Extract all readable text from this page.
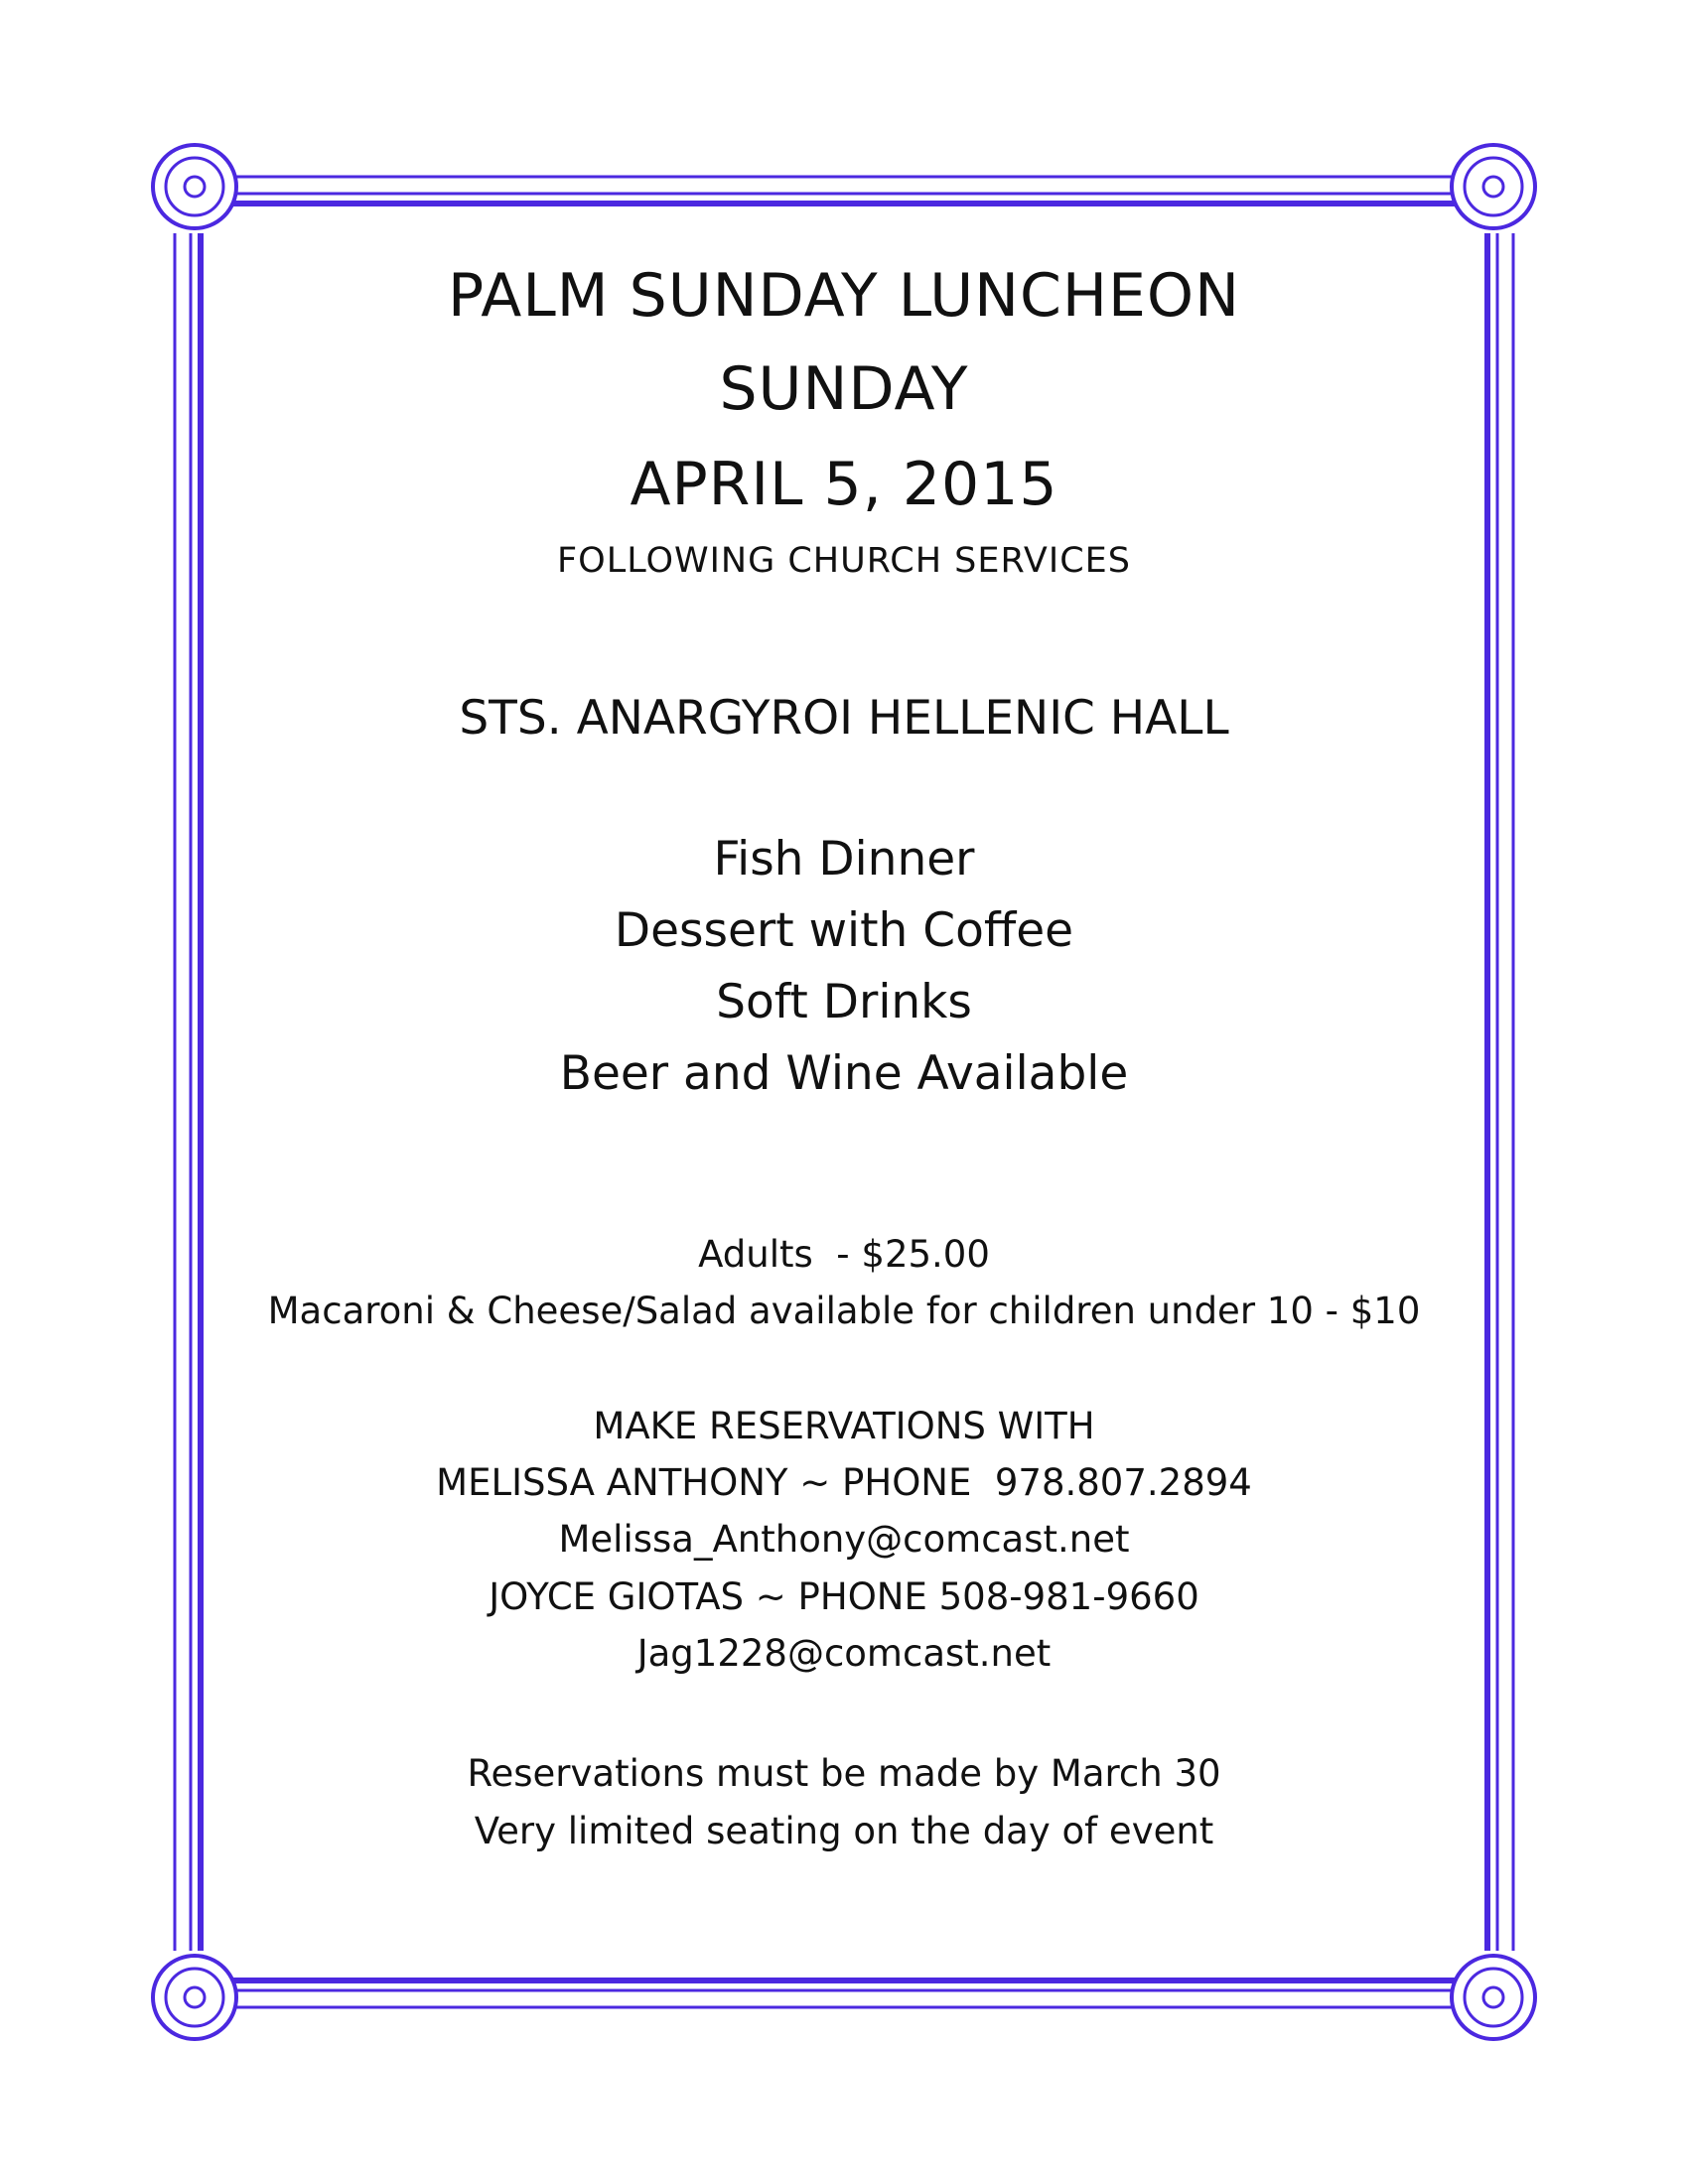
PALM SUNDAY LUNCHEON
SUNDAY
APRIL 5, 2015
FOLLOWING CHURCH SERVICES
STS. ANARGYROI HELLENIC HALL
Fish Dinner
Dessert with Coffee
Soft Drinks
Beer and Wine Available
Adults  - $25.00
Macaroni & Cheese/Salad available for children under 10 - $10
MAKE RESERVATIONS WITH
MELISSA ANTHONY ~ PHONE  978.807.2894
Melissa_Anthony@comcast.net
JOYCE GIOTAS ~ PHONE 508-981-9660
Jag1228@comcast.net
Reservations must be made by March 30
Very limited seating on the day of event
